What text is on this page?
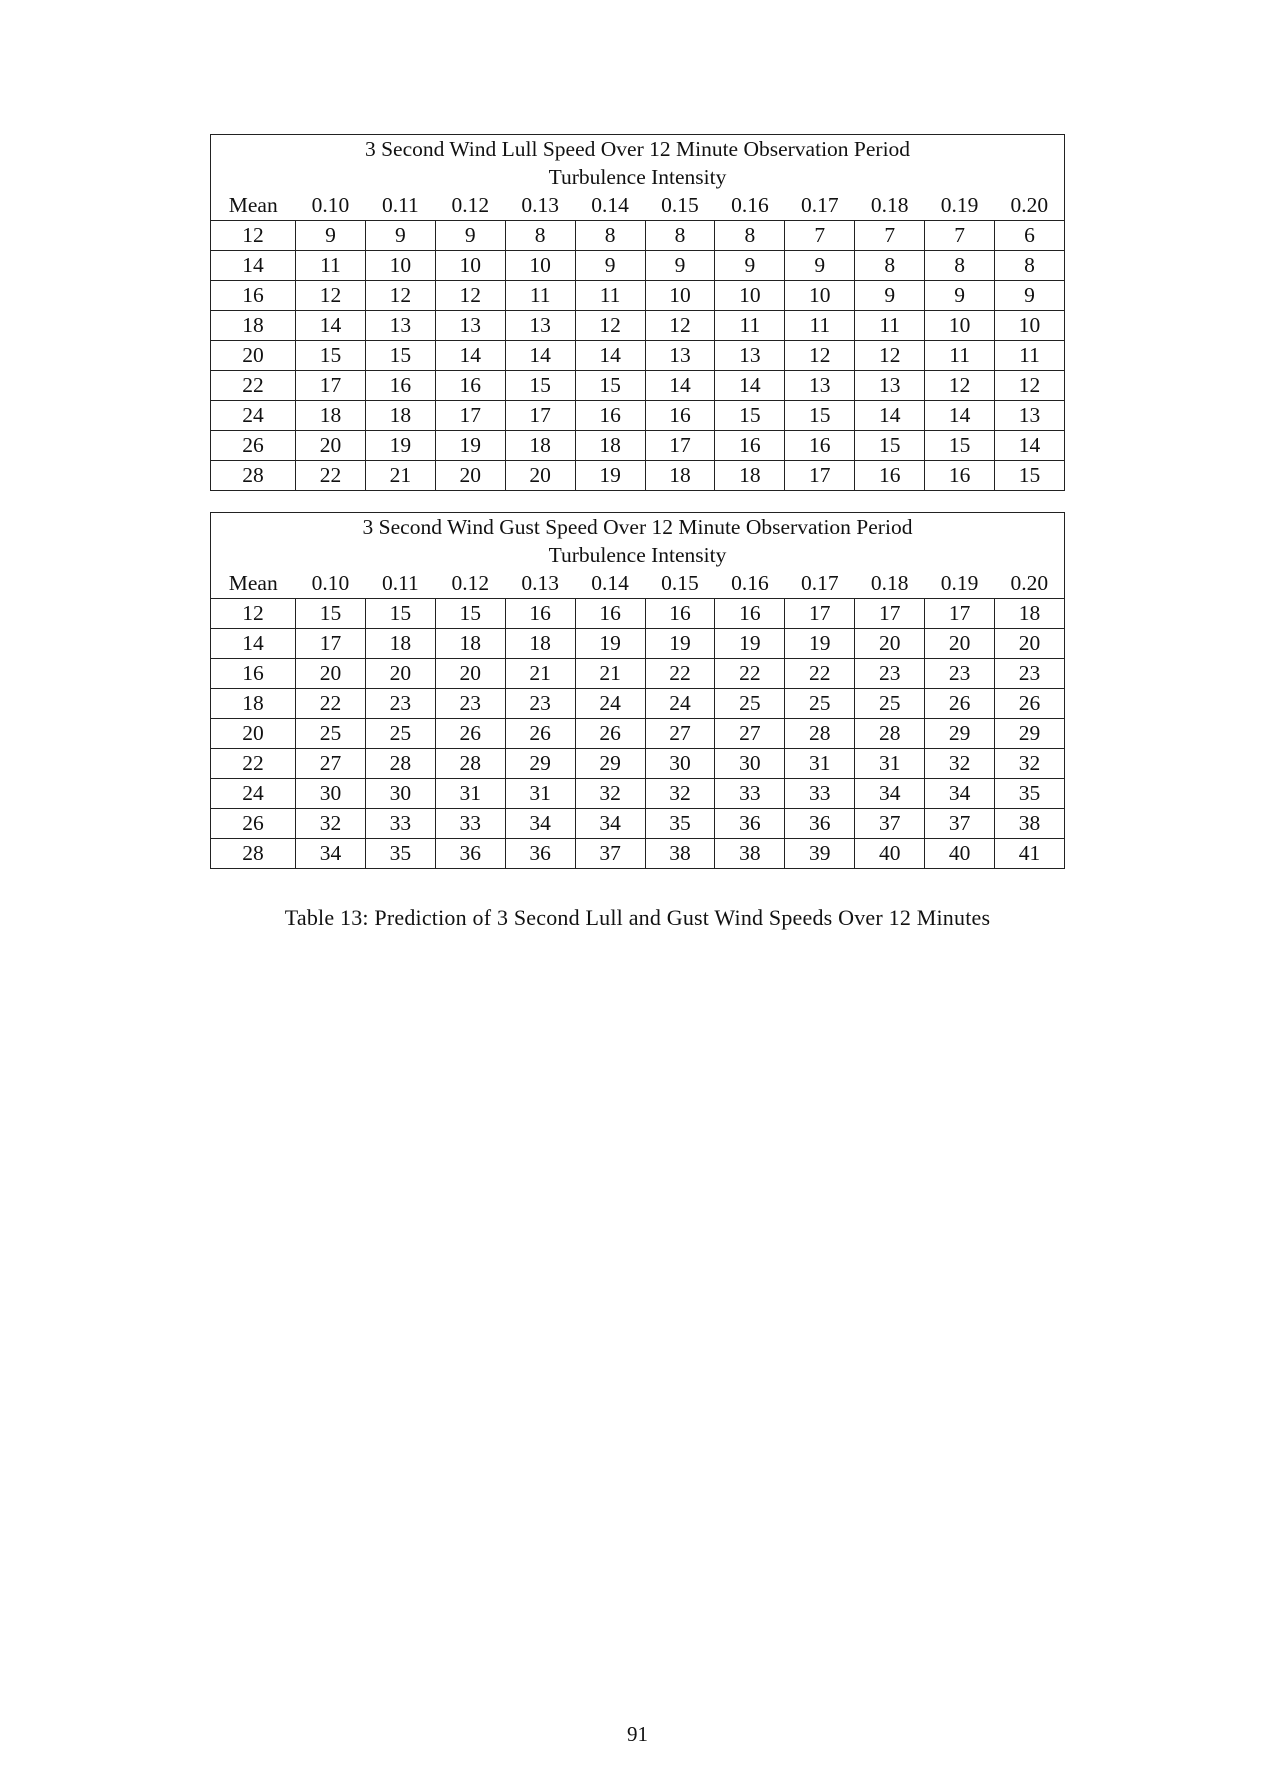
3 Second Wind Lull Speed Over 12 Minute Observation Period											
Turbulence Intensity											
Mean	0.10	0.11	0.12	0.13	0.14	0.15	0.16	0.17	0.18	0.19	0.20
12	9	9	9	8	8	8	8	7	7	7	6
14	11	10	10	10	9	9	9	9	8	8	8
16	12	12	12	11	11	10	10	10	9	9	9
18	14	13	13	13	12	12	11	11	11	10	10
20	15	15	14	14	14	13	13	12	12	11	11
22	17	16	16	15	15	14	14	13	13	12	12
24	18	18	17	17	16	16	15	15	14	14	13
26	20	19	19	18	18	17	16	16	15	15	14
28	22	21	20	20	19	18	18	17	16	16	15
3 Second Wind Gust Speed Over 12 Minute Observation Period											
Turbulence Intensity											
Mean	0.10	0.11	0.12	0.13	0.14	0.15	0.16	0.17	0.18	0.19	0.20
12	15	15	15	16	16	16	16	17	17	17	18
14	17	18	18	18	19	19	19	19	20	20	20
16	20	20	20	21	21	22	22	22	23	23	23
18	22	23	23	23	24	24	25	25	25	26	26
20	25	25	26	26	26	27	27	28	28	29	29
22	27	28	28	29	29	30	30	31	31	32	32
24	30	30	31	31	32	32	33	33	34	34	35
26	32	33	33	34	34	35	36	36	37	37	38
28	34	35	36	36	37	38	38	39	40	40	41
Table 13: Prediction of 3 Second Lull and Gust Wind Speeds Over 12 Minutes
91
